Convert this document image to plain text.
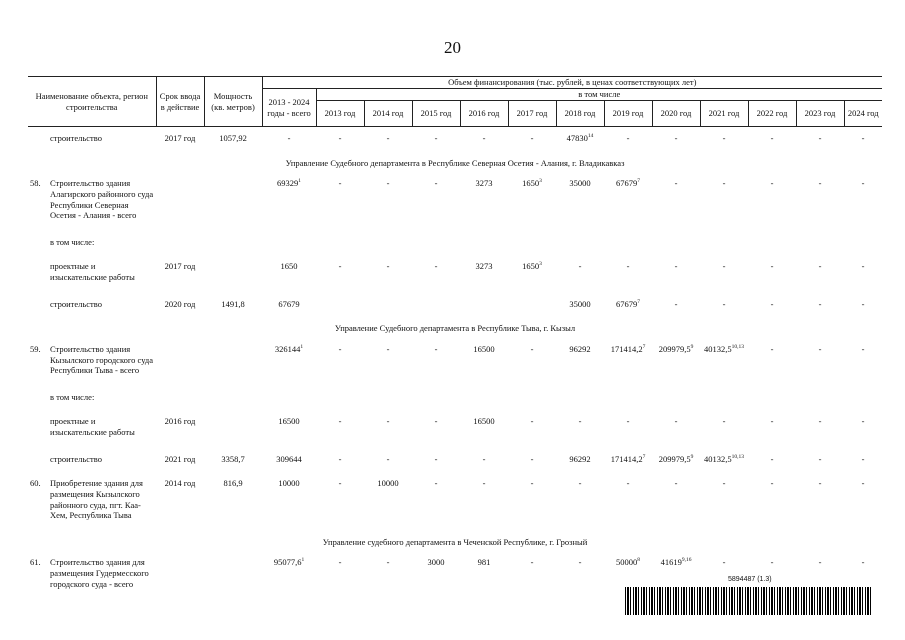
20
Наименование объекта, регион строительства		Срок ввода в действие	Мощность (кв. метров)	Объем финансирования (тыс. рублей, в ценах соответствующих лет)												
				2013 - 2024 годы - всего	в том числе											
					2013 год	2014 год	2015 год	2016 год	2017 год	2018 год	2019 год	2020 год	2021 год	2022 год	2023 год	2024 год
	строительство	2017 год	1057,92	-	-	-	-	-	-	47830$^{14}$	-	-	-	-	-	-
Управление Судебного департамента в Республике Северная Осетия - Алания, г. Владикавказ																
58.	Строительство здания Алагирского районного суда Республики Северная Осетия - Алания - всего			69329$^1$	-	-	-	3273	1650$^3$	35000	67679$^7$	-	-	-	-	-
	в том числе:															
	проектные и изыскательские работы	2017 год		1650	-	-	-	3273	1650$^3$	-	-	-	-	-	-	-
	строительство	2020 год	1491,8	67679						35000	67679$^7$	-	-	-	-	-
Управление Судебного департамента в Республике Тыва, г. Кызыл																
59.	Строительство здания Кызылского городского суда Республики Тыва - всего			326144$^1$	-	-	-	16500	-	96292	171414,2$^7$	209979,5$^9$	40132,5$^{10,13}$	-	-	-
	в том числе:															
	проектные и изыскательские работы	2016 год		16500	-	-	-	16500	-	-	-	-	-	-	-	-
	строительство	2021 год	3358,7	309644	-	-	-	-	-	96292	171414,2$^7$	209979,5$^9$	40132,5$^{10,13}$	-	-	-
60.	Приобретение здания для размещения Кызылского районного суда, пгт. Каа-Хем, Республика Тыва	2014 год	816,9	10000	-	10000	-	-	-	-	-	-	-	-	-	-
Управление судебного департамента в Чеченской Республике, г. Грозный																
61.	Строительство здания для размещения Гудермесского городского суда - всего			95077,6$^1$	-	-	3000	981	-	-	50000$^8$	41619$^{9,16}$	-	-	-	-
5894487 (1.3)
